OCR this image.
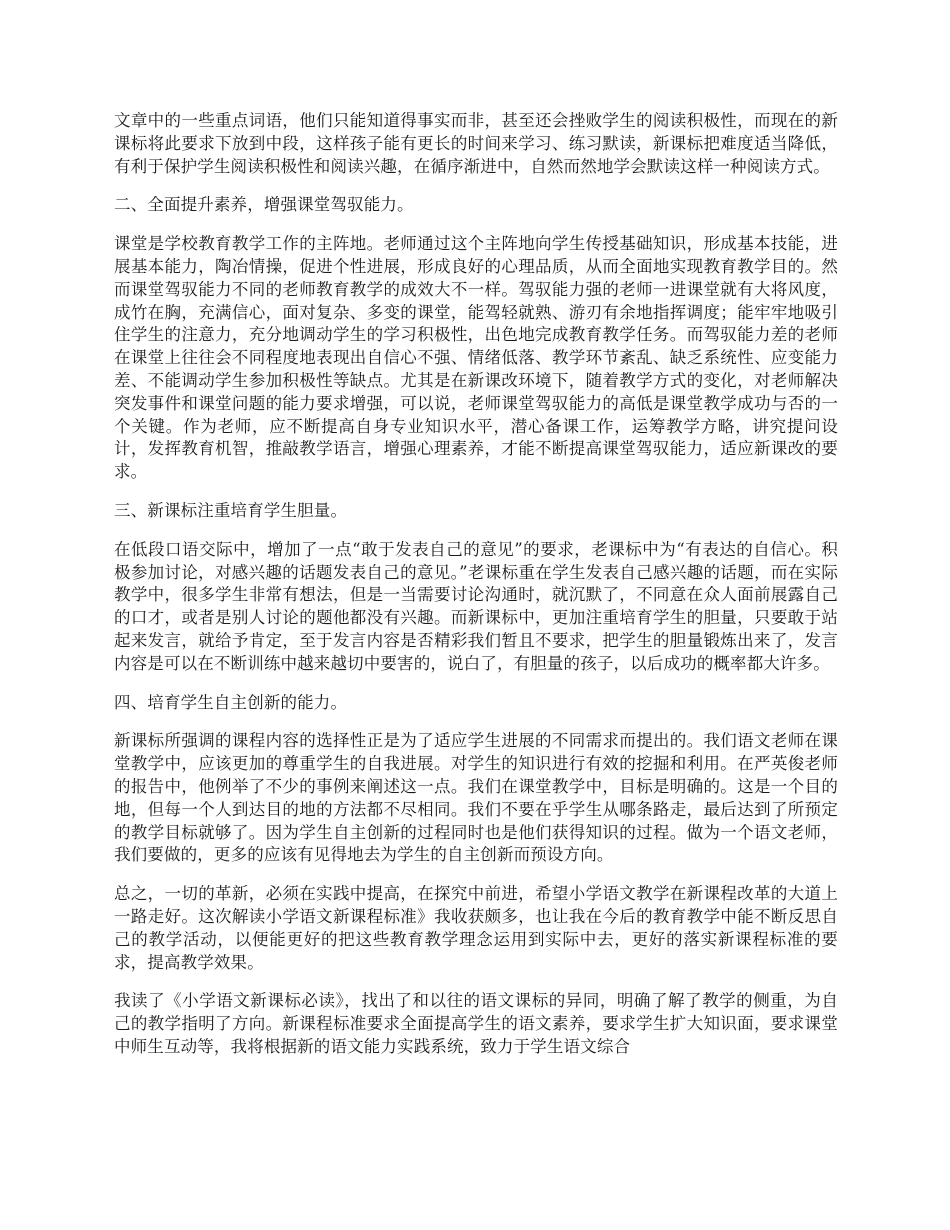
文章中的一些重点词语，他们只能知道得事实而非，甚至还会挫败学生的阅读积极性，而现在的新课标将此要求下放到中段，这样孩子能有更长的时间来学习、练习默读，新课标把难度适当降低，有利于保护学生阅读积极性和阅读兴趣，在循序渐进中，自然而然地学会默读这样一种阅读方式。

二、全面提升素养，增强课堂驾驭能力。

课堂是学校教育教学工作的主阵地。老师通过这个主阵地向学生传授基础知识，形成基本技能，进展基本能力，陶冶情操，促进个性进展，形成良好的心理品质，从而全面地实现教育教学目的。然而课堂驾驭能力不同的老师教育教学的成效大不一样。驾驭能力强的老师一进课堂就有大将风度，成竹在胸，充满信心，面对复杂、多变的课堂，能驾轻就熟、游刃有余地指挥调度；能牢牢地吸引住学生的注意力，充分地调动学生的学习积极性，出色地完成教育教学任务。而驾驭能力差的老师在课堂上往往会不同程度地表现出自信心不强、情绪低落、教学环节紊乱、缺乏系统性、应变能力差、不能调动学生参加积极性等缺点。尤其是在新课改环境下，随着教学方式的变化，对老师解决突发事件和课堂问题的能力要求增强，可以说，老师课堂驾驭能力的高低是课堂教学成功与否的一个关键。作为老师，应不断提高自身专业知识水平，潜心备课工作，运筹教学方略，讲究提问设计，发挥教育机智，推敲教学语言，增强心理素养，才能不断提高课堂驾驭能力，适应新课改的要求。

三、新课标注重培育学生胆量。

在低段口语交际中，增加了一点“敢于发表自己的意见”的要求，老课标中为“有表达的自信心。积极参加讨论，对感兴趣的话题发表自己的意见。”老课标重在学生发表自己感兴趣的话题，而在实际教学中，很多学生非常有想法，但是一当需要讨论沟通时，就沉默了，不同意在众人面前展露自己的口才，或者是别人讨论的题他都没有兴趣。而新课标中，更加注重培育学生的胆量，只要敢于站起来发言，就给予肯定，至于发言内容是否精彩我们暂且不要求，把学生的胆量锻炼出来了，发言内容是可以在不断训练中越来越切中要害的，说白了，有胆量的孩子，以后成功的概率都大许多。

四、培育学生自主创新的能力。

新课标所强调的课程内容的选择性正是为了适应学生进展的不同需求而提出的。我们语文老师在课堂教学中，应该更加的尊重学生的自我进展。对学生的知识进行有效的挖掘和利用。在严英俊老师的报告中，他例举了不少的事例来阐述这一点。我们在课堂教学中，目标是明确的。这是一个目的地，但每一个人到达目的地的方法都不尽相同。我们不要在乎学生从哪条路走，最后达到了所预定的教学目标就够了。因为学生自主创新的过程同时也是他们获得知识的过程。做为一个语文老师，我们要做的，更多的应该有见得地去为学生的自主创新而预设方向。

总之，一切的革新，必须在实践中提高，在探究中前进，希望小学语文教学在新课程改革的大道上一路走好。这次解读小学语文新课程标准》我收获颇多，也让我在今后的教育教学中能不断反思自己的教学活动，以便能更好的把这些教育教学理念运用到实际中去，更好的落实新课程标准的要求，提高教学效果。

我读了《小学语文新课标必读》，找出了和以往的语文课标的异同，明确了解了教学的侧重，为自己的教学指明了方向。新课程标准要求全面提高学生的语文素养，要求学生扩大知识面，要求课堂中师生互动等，我将根据新的语文能力实践系统，致力于学生语文综合
